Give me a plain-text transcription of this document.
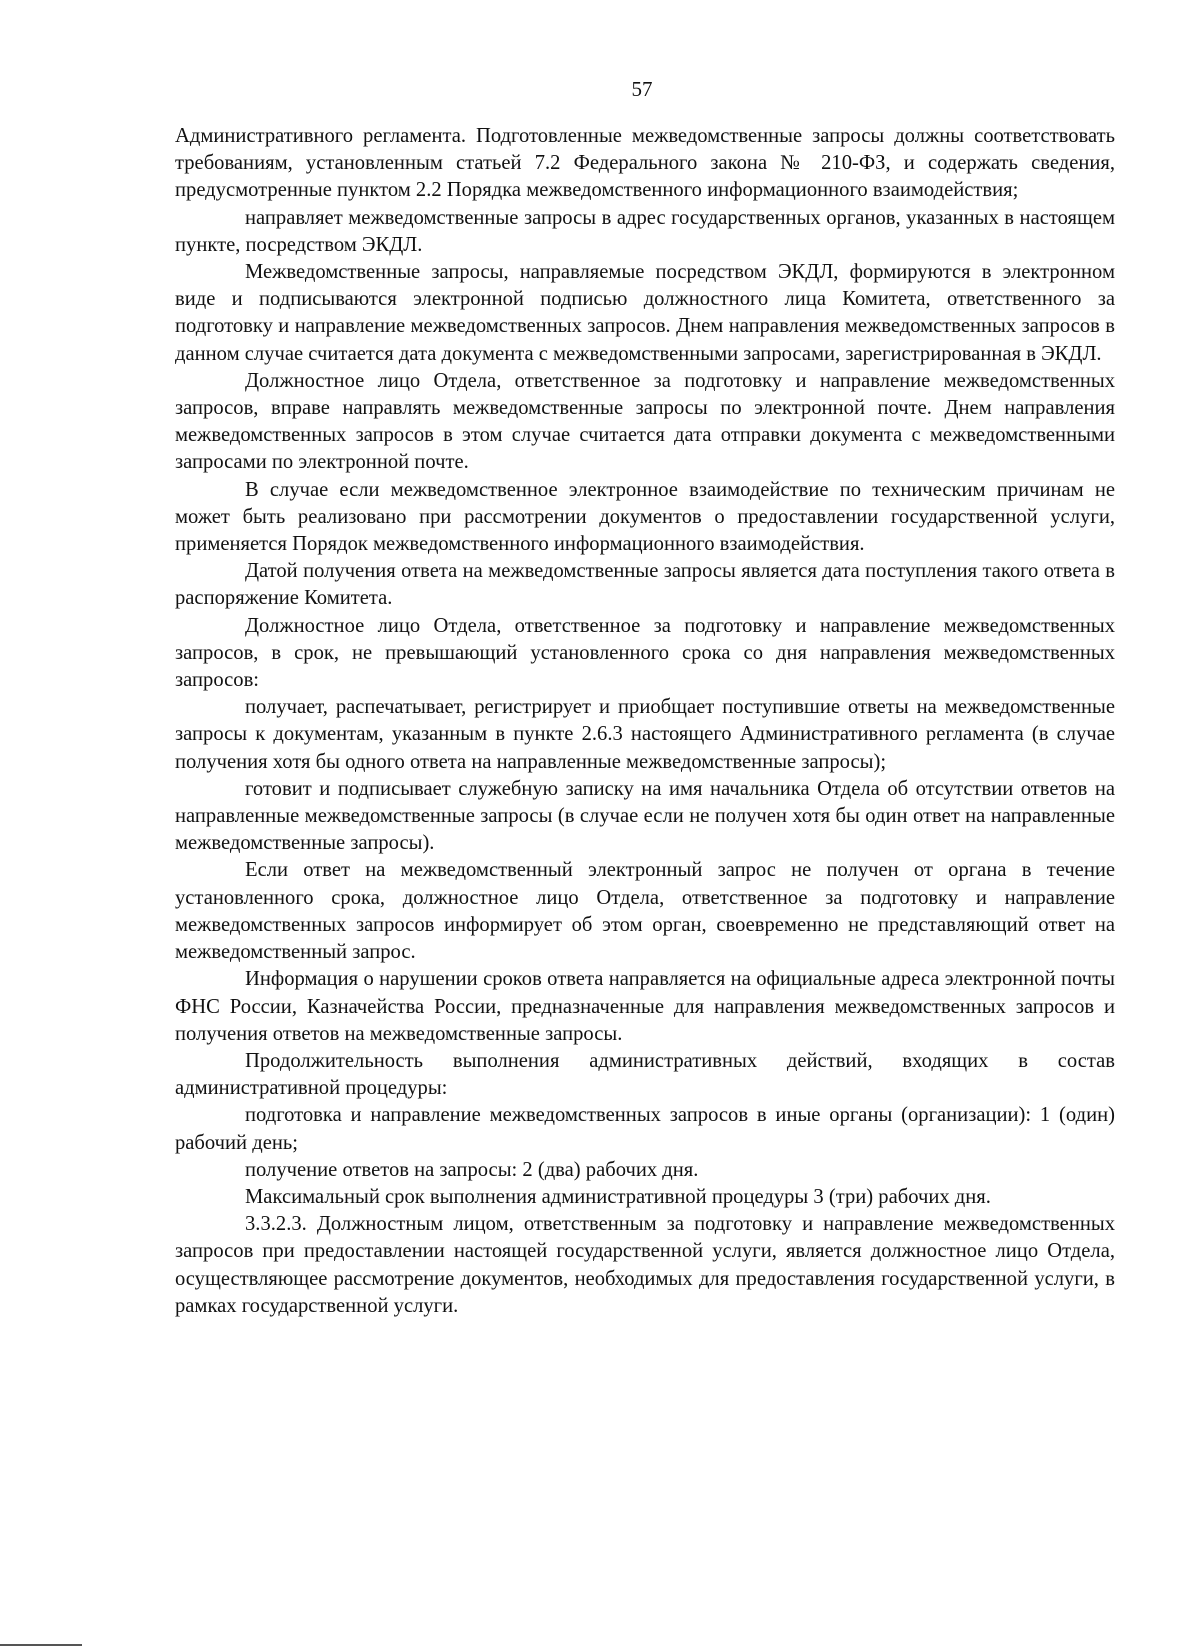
57

Административного регламента. Подготовленные межведомственные запросы должны соответствовать требованиям, установленным статьей 7.2 Федерального закона № 210-ФЗ, и содержать сведения, предусмотренные пунктом 2.2 Порядка межведомственного информационного взаимодействия;

направляет межведомственные запросы в адрес государственных органов, указанных в настоящем пункте, посредством ЭКДЛ.

Межведомственные запросы, направляемые посредством ЭКДЛ, формируются в электронном виде и подписываются электронной подписью должностного лица Комитета, ответственного за подготовку и направление межведомственных запросов. Днем направления межведомственных запросов в данном случае считается дата документа с межведомственными запросами, зарегистрированная в ЭКДЛ.

Должностное лицо Отдела, ответственное за подготовку и направление межведомственных запросов, вправе направлять межведомственные запросы по электронной почте. Днем направления межведомственных запросов в этом случае считается дата отправки документа с межведомственными запросами по электронной почте.

В случае если межведомственное электронное взаимодействие по техническим причинам не может быть реализовано при рассмотрении документов о предоставлении государственной услуги, применяется Порядок межведомственного информационного взаимодействия.

Датой получения ответа на межведомственные запросы является дата поступления такого ответа в распоряжение Комитета.

Должностное лицо Отдела, ответственное за подготовку и направление межведомственных запросов, в срок, не превышающий установленного срока со дня направления межведомственных запросов:

получает, распечатывает, регистрирует и приобщает поступившие ответы на межведомственные запросы к документам, указанным в пункте 2.6.3 настоящего Административного регламента (в случае получения хотя бы одного ответа на направленные межведомственные запросы);

готовит и подписывает служебную записку на имя начальника Отдела об отсутствии ответов на направленные межведомственные запросы (в случае если не получен хотя бы один ответ на направленные межведомственные запросы).

Если ответ на межведомственный электронный запрос не получен от органа в течение установленного срока, должностное лицо Отдела, ответственное за подготовку и направление межведомственных запросов информирует об этом орган, своевременно не представляющий ответ на межведомственный запрос.

Информация о нарушении сроков ответа направляется на официальные адреса электронной почты ФНС России, Казначейства России, предназначенные для направления межведомственных запросов и получения ответов на межведомственные запросы.

Продолжительность выполнения административных действий, входящих в состав административной процедуры:

подготовка и направление межведомственных запросов в иные органы (организации): 1 (один) рабочий день;

получение ответов на запросы: 2 (два) рабочих дня.

Максимальный срок выполнения административной процедуры 3 (три) рабочих дня.

3.3.2.3. Должностным лицом, ответственным за подготовку и направление межведомственных запросов при предоставлении настоящей государственной услуги, является должностное лицо Отдела, осуществляющее рассмотрение документов, необходимых для предоставления государственной услуги, в рамках государственной услуги.
